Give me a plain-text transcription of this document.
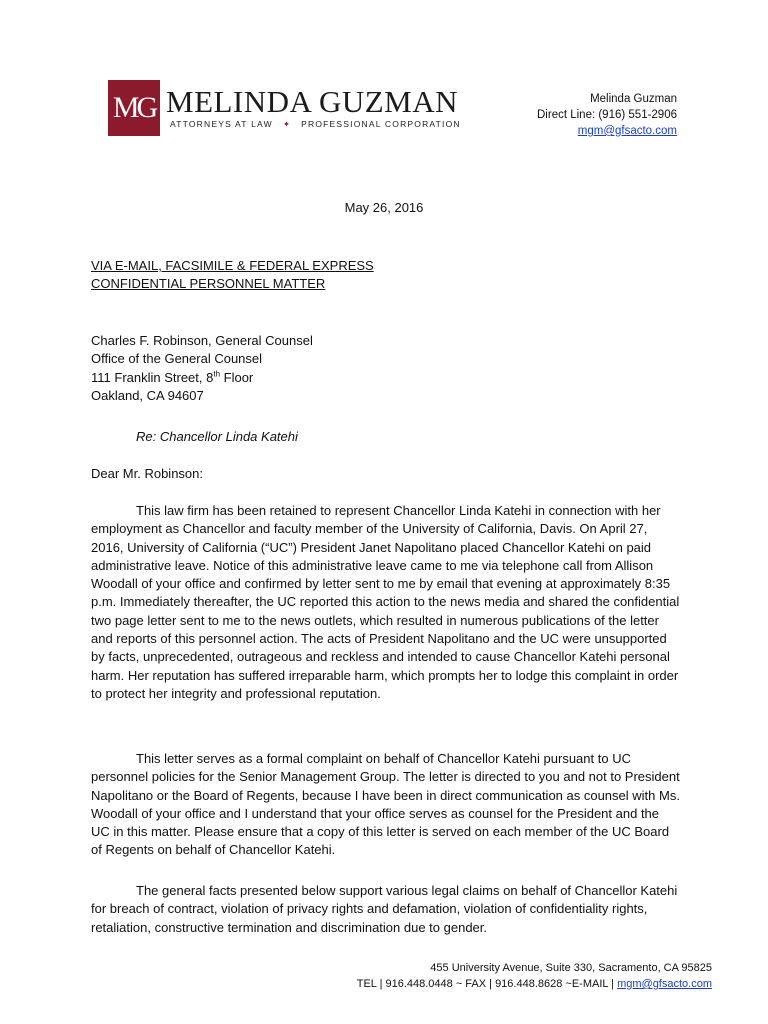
MG MELINDA GUZMAN
ATTORNEYS AT LAW ✦ PROFESSIONAL CORPORATION
Melinda Guzman
Direct Line: (916) 551-2906
mgm@gfsacto.com
May 26, 2016
VIA E-MAIL, FACSIMILE & FEDERAL EXPRESS
CONFIDENTIAL PERSONNEL MATTER
Charles F. Robinson, General Counsel
Office of the General Counsel
111 Franklin Street, 8th Floor
Oakland, CA 94607
Re: Chancellor Linda Katehi
Dear Mr. Robinson:

This law firm has been retained to represent Chancellor Linda Katehi in connection with her employment as Chancellor and faculty member of the University of California, Davis. On April 27, 2016, University of California (“UC”) President Janet Napolitano placed Chancellor Katehi on paid administrative leave. Notice of this administrative leave came to me via telephone call from Allison Woodall of your office and confirmed by letter sent to me by email that evening at approximately 8:35 p.m. Immediately thereafter, the UC reported this action to the news media and shared the confidential two page letter sent to me to the news outlets, which resulted in numerous publications of the letter and reports of this personnel action. The acts of President Napolitano and the UC were unsupported by facts, unprecedented, outrageous and reckless and intended to cause Chancellor Katehi personal harm. Her reputation has suffered irreparable harm, which prompts her to lodge this complaint in order to protect her integrity and professional reputation.

This letter serves as a formal complaint on behalf of Chancellor Katehi pursuant to UC personnel policies for the Senior Management Group. The letter is directed to you and not to President Napolitano or the Board of Regents, because I have been in direct communication as counsel with Ms. Woodall of your office and I understand that your office serves as counsel for the President and the UC in this matter. Please ensure that a copy of this letter is served on each member of the UC Board of Regents on behalf of Chancellor Katehi.

The general facts presented below support various legal claims on behalf of Chancellor Katehi for breach of contract, violation of privacy rights and defamation, violation of confidentiality rights, retaliation, constructive termination and discrimination due to gender.

455 University Avenue, Suite 330, Sacramento, CA 95825
TEL | 916.448.0448 ~ FAX | 916.448.8628 ~E-MAIL | mgm@gfsacto.com
